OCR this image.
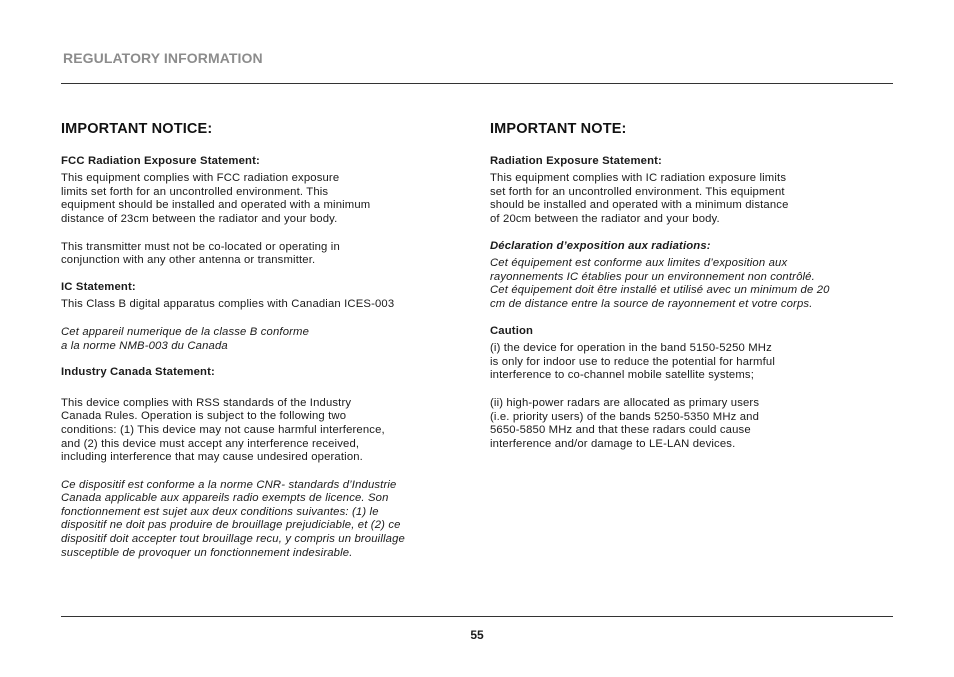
REGULATORY INFORMATION
IMPORTANT NOTICE:
FCC Radiation Exposure Statement:

This equipment complies with FCC radiation exposure
limits set forth for an uncontrolled environment. This
equipment should be installed and operated with a minimum
distance of 23cm between the radiator and your body.

This transmitter must not be co-located or operating in
conjunction with any other antenna or transmitter.

IC Statement:

This Class B digital apparatus complies with Canadian ICES-003

Cet appareil numerique de la classe B conforme
a la norme NMB-003 du Canada

Industry Canada Statement:

This device complies with RSS standards of the Industry
Canada Rules. Operation is subject to the following two
conditions: (1) This device may not cause harmful interference,
and (2) this device must accept any interference received,
including interference that may cause undesired operation.

Ce dispositif est conforme a la norme CNR- standards d’Industrie
Canada applicable aux appareils radio exempts de licence. Son
fonctionnement est sujet aux deux conditions suivantes: (1) le
dispositif ne doit pas produire de brouillage prejudiciable, et (2) ce
dispositif doit accepter tout brouillage recu, y compris un brouillage
susceptible de provoquer un fonctionnement indesirable.

IMPORTANT NOTE:
Radiation Exposure Statement:

This equipment complies with IC radiation exposure limits
set forth for an uncontrolled environment. This equipment
should be installed and operated with a minimum distance
of 20cm between the radiator and your body.

Déclaration d’exposition aux radiations:

Cet équipement est conforme aux limites d’exposition aux
rayonnements IC établies pour un environnement non contrôlé.
Cet équipement doit être installé et utilisé avec un minimum de 20
cm de distance entre la source de rayonnement et votre corps.

Caution

(i) the device for operation in the band 5150-5250 MHz
is only for indoor use to reduce the potential for harmful
interference to co-channel mobile satellite systems;

(ii) high-power radars are allocated as primary users
(i.e. priority users) of the bands 5250-5350 MHz and
5650-5850 MHz and that these radars could cause
interference and/or damage to LE-LAN devices.

55
